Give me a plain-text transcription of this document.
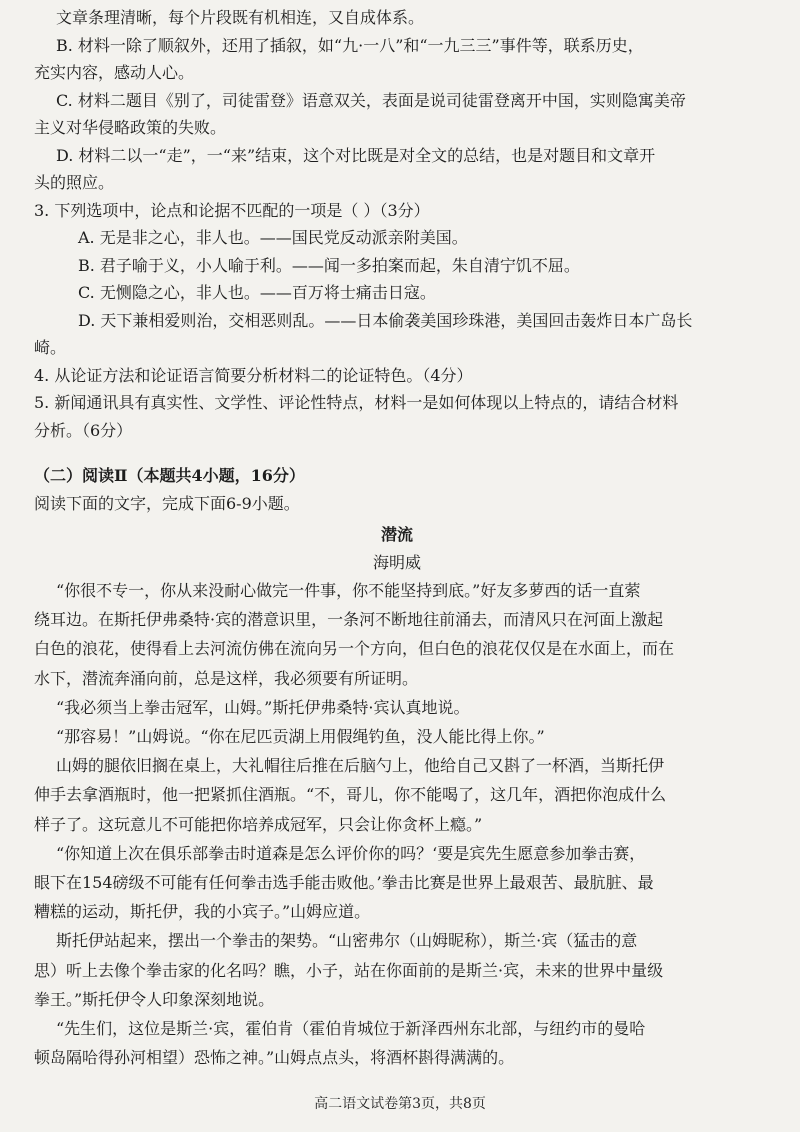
文章条理清晰，每个片段既有机相连，又自成体系。
B. 材料一除了顺叙外，还用了插叙，如“九·一八”和“一九三三”事件等，联系历史，
充实内容，感动人心。
C. 材料二题目《别了，司徒雷登》语意双关，表面是说司徒雷登离开中国，实则隐寓美帝
主义对华侵略政策的失败。
D. 材料二以一“走”，一“来”结束，这个对比既是对全文的总结，也是对题目和文章开
头的照应。
3. 下列选项中，论点和论据不匹配的一项是（ ）（3分）
A. 无是非之心，非人也。——国民党反动派亲附美国。
B. 君子喻于义，小人喻于利。——闻一多拍案而起，朱自清宁饥不屈。
C. 无恻隐之心，非人也。——百万将士痛击日寇。
D. 天下兼相爱则治，交相恶则乱。——日本偷袭美国珍珠港，美国回击轰炸日本广岛长
崎。
4. 从论证方法和论证语言简要分析材料二的论证特色。（4分）
5. 新闻通讯具有真实性、文学性、评论性特点，材料一是如何体现以上特点的，请结合材料
分析。（6分）
（二）阅读Ⅱ（本题共4小题，16分）
阅读下面的文字，完成下面6-9小题。
潜流
海明威
“你很不专一，你从来没耐心做完一件事，你不能坚持到底。”好友多萝西的话一直萦
绕耳边。在斯托伊弗桑特·宾的潜意识里，一条河不断地往前涌去，而清风只在河面上激起
白色的浪花，使得看上去河流仿佛在流向另一个方向，但白色的浪花仅仅是在水面上，而在
水下，潜流奔涌向前，总是这样，我必须要有所证明。
“我必须当上拳击冠军，山姆。”斯托伊弗桑特·宾认真地说。
“那容易！”山姆说。“你在尼匹贡湖上用假绳钓鱼，没人能比得上你。”
山姆的腿依旧搁在桌上，大礼帽往后推在后脑勺上，他给自己又斟了一杯酒，当斯托伊
伸手去拿酒瓶时，他一把紧抓住酒瓶。“不，哥儿，你不能喝了，这几年，酒把你泡成什么
样子了。这玩意儿不可能把你培养成冠军，只会让你贪杯上瘾。”
“你知道上次在俱乐部拳击时道森是怎么评价你的吗？‘要是宾先生愿意参加拳击赛，
眼下在154磅级不可能有任何拳击选手能击败他。’拳击比赛是世界上最艰苦、最肮脏、最
糟糕的运动，斯托伊，我的小宾子。”山姆应道。
斯托伊站起来，摆出一个拳击的架势。“山密弗尔（山姆昵称），斯兰·宾（猛击的意
思）听上去像个拳击家的化名吗？瞧，小子，站在你面前的是斯兰·宾，未来的世界中量级
拳王。”斯托伊令人印象深刻地说。
“先生们，这位是斯兰·宾，霍伯肯（霍伯肯城位于新泽西州东北部，与纽约市的曼哈
顿岛隔哈得孙河相望）恐怖之神。”山姆点点头，将酒杯斟得满满的。
高二语文试卷第3页，共8页
